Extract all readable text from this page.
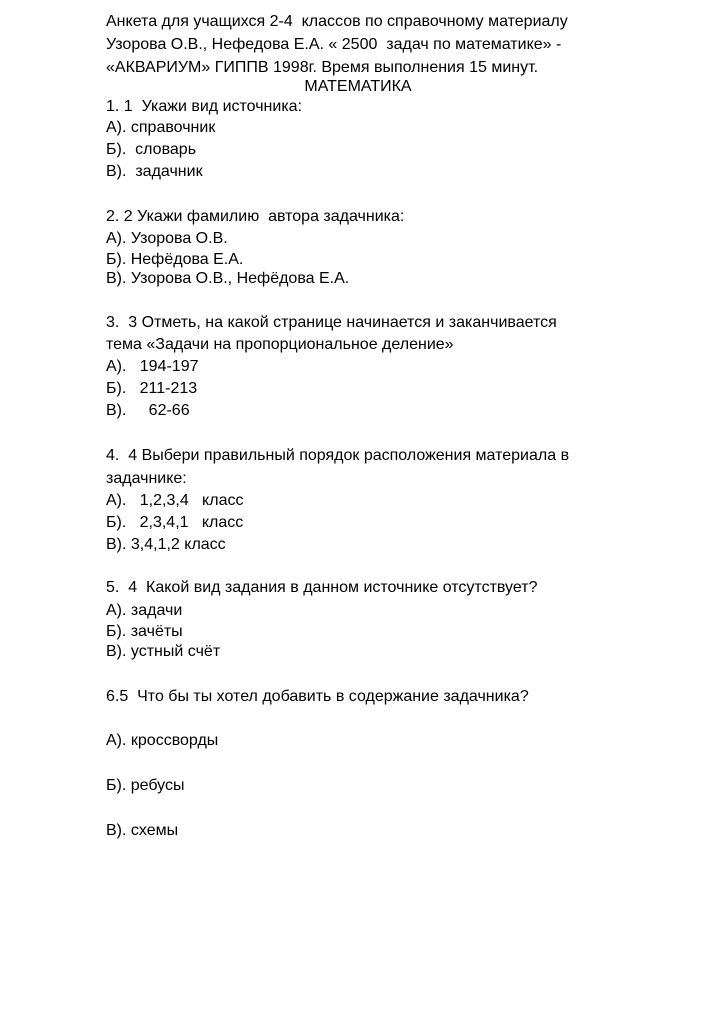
Анкета для учащихся 2-4  классов по справочному материалу
Узорова О.В., Нефедова Е.А. « 2500  задач по математике» -
«АКВАРИУМ» ГИППВ 1998г. Время выполнения 15 минут.
МАТЕМАТИКА
1. 1  Укажи вид источника:
А). справочник
Б).  словарь
В).  задачник
2. 2 Укажи фамилию  автора задачника:
А). Узорова О.В.
Б). Нефёдова Е.А.
В). Узорова О.В., Нефёдова Е.А.
3.  3 Отметь, на какой странице начинается и заканчивается
тема «Задачи на пропорциональное деление»
А).   194-197
Б).   211-213
В).     62-66
4.  4 Выбери правильный порядок расположения материала в
задачнике:
А).   1,2,3,4   класс
Б).   2,3,4,1   класс
В). 3,4,1,2 класс
5.  4  Какой вид задания в данном источнике отсутствует?
А). задачи
Б). зачёты
В). устный счёт
6.5  Что бы ты хотел добавить в содержание задачника?
А). кроссворды
Б). ребусы
В). схемы
